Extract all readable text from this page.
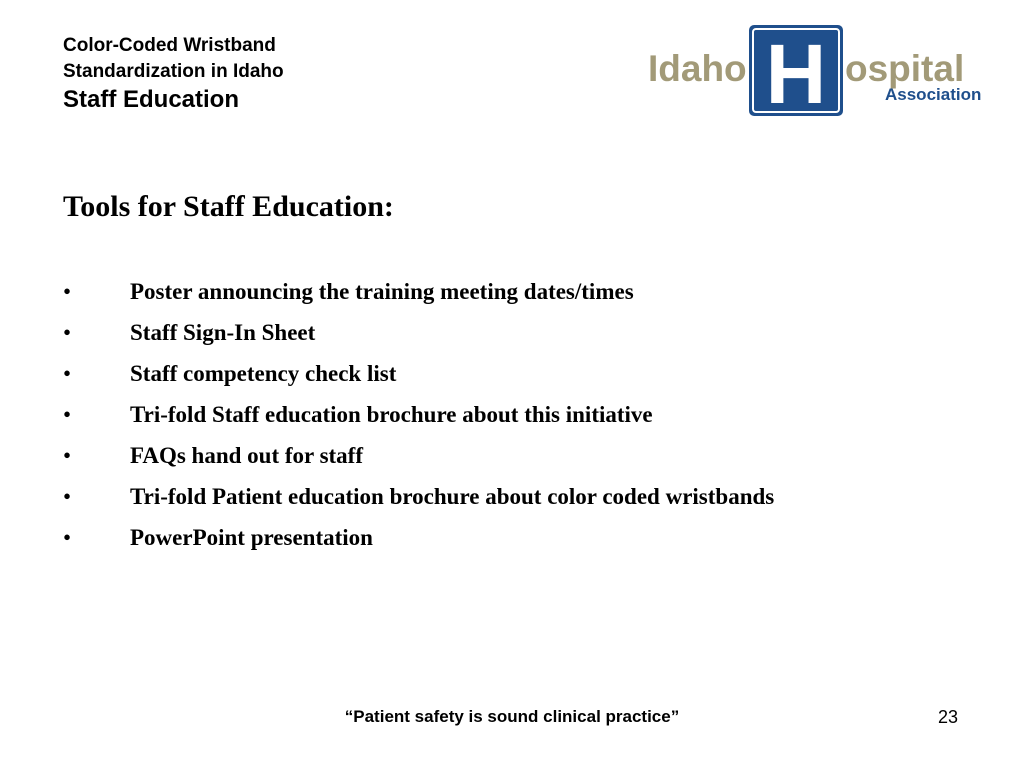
Color-Coded Wristband
Standardization in Idaho
Staff Education
Idaho H ospital
Association
Tools for Staff Education:
•	Poster announcing the training meeting dates/times
•	Staff Sign-In Sheet
•	Staff competency check list
•	Tri-fold Staff education brochure about this initiative
•	FAQs hand out for staff
•	Tri-fold Patient education brochure about color coded wristbands
•	PowerPoint presentation
“Patient safety is sound clinical practice”	23
